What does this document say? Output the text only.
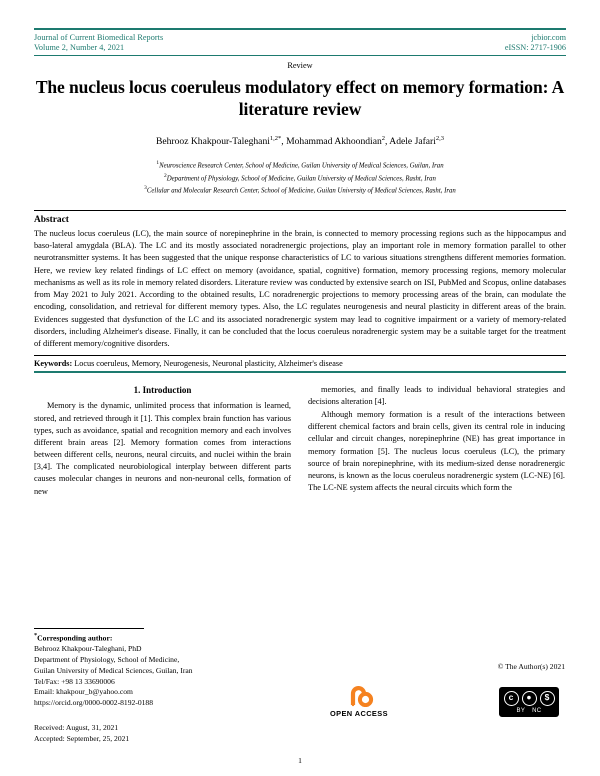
Journal of Current Biomedical Reports	jcbior.com
Volume 2, Number 4, 2021	eISSN: 2717-1906
Review
The nucleus locus coeruleus modulatory effect on memory formation: A literature review
Behrooz Khakpour-Taleghani$^{1,2*}$, Mohammad Akhoondian$^2$, Adele Jafari$^{2,3}$
$^1$Neuroscience Research Center, School of Medicine, Guilan University of Medical Sciences, Guilan, Iran
$^2$Department of Physiology, School of Medicine, Guilan University of Medical Sciences, Rasht, Iran
$^3$Cellular and Molecular Research Center, School of Medicine, Guilan University of Medical Sciences, Rasht, Iran
Abstract
The nucleus locus coeruleus (LC), the main source of norepinephrine in the brain, is connected to memory processing regions such as the hippocampus and baso-lateral amygdala (BLA). The LC and its mostly associated noradrenergic projections, play an important role in memory formation parallel to other neurotransmitter systems. It has been suggested that the unique response characteristics of LC to various situations strengthens different memories formation. Here, we review key related findings of LC effect on memory (avoidance, spatial, cognitive) formation, memory processing regions, memory molecular mechanisms as well as its role in memory related disorders. Literature review was conducted by extensive search on ISI, PubMed and Scopus, online databases from May 2021 to July 2021. According to the obtained results, LC noradrenergic projections to memory processing areas of the brain, can modulate the encoding, consolidation, and retrieval for different memory types. Also, the LC regulates neurogenesis and neural plasticity in different areas of the brain. Evidences suggested that dysfunction of the LC and its associated noradrenergic system may lead to cognitive impairment or a variety of memory-related disorders, including Alzheimer's disease. Finally, it can be concluded that the locus coeruleus noradrenergic system may be a suitable target for the treatment of different memory/cognitive disorders.
Keywords: Locus coeruleus, Memory, Neurogenesis, Neuronal plasticity, Alzheimer's disease
1. Introduction

Memory is the dynamic, unlimited process that information is learned, stored, and retrieved through it [1]. This complex brain function has various types, such as avoidance, spatial and recognition memory and each involves different brain areas [2]. Memory formation comes from interactions between different cells, neurons, neural circuits, and nuclei within the brain [3,4]. The complicated neurobiological interplay between different parts causes molecular changes in neurons and non-neuronal cells, formation of new

memories, and finally leads to individual behavioral strategies and decisions alteration [4].

Although memory formation is a result of the interactions between different chemical factors and brain cells, given its central role in inducing cellular and circuit changes, norepinephrine (NE) has great importance in memory formation [5]. The nucleus locus coeruleus (LC), the primary source of brain norepinephrine, with its medium-sized dense noradrenergic neurons, is known as the locus coeruleus noradrenergic system (LC-NE) [6]. The LC-NE system affects the neural circuits which form the

*Corresponding author:
Behrooz Khakpour-Taleghani, PhD
Department of Physiology, School of Medicine,
Guilan University of Medical Sciences, Guilan, Iran
Tel/Fax: +98 13 33690006
Email: khakpour_b@yahoo.com
https://orcid.org/0000-0002-8192-0188
Received: August, 31, 2021
Accepted: September, 25, 2021
© The Author(s) 2021
OPEN ACCESS
c	●	$
BY NC
1
